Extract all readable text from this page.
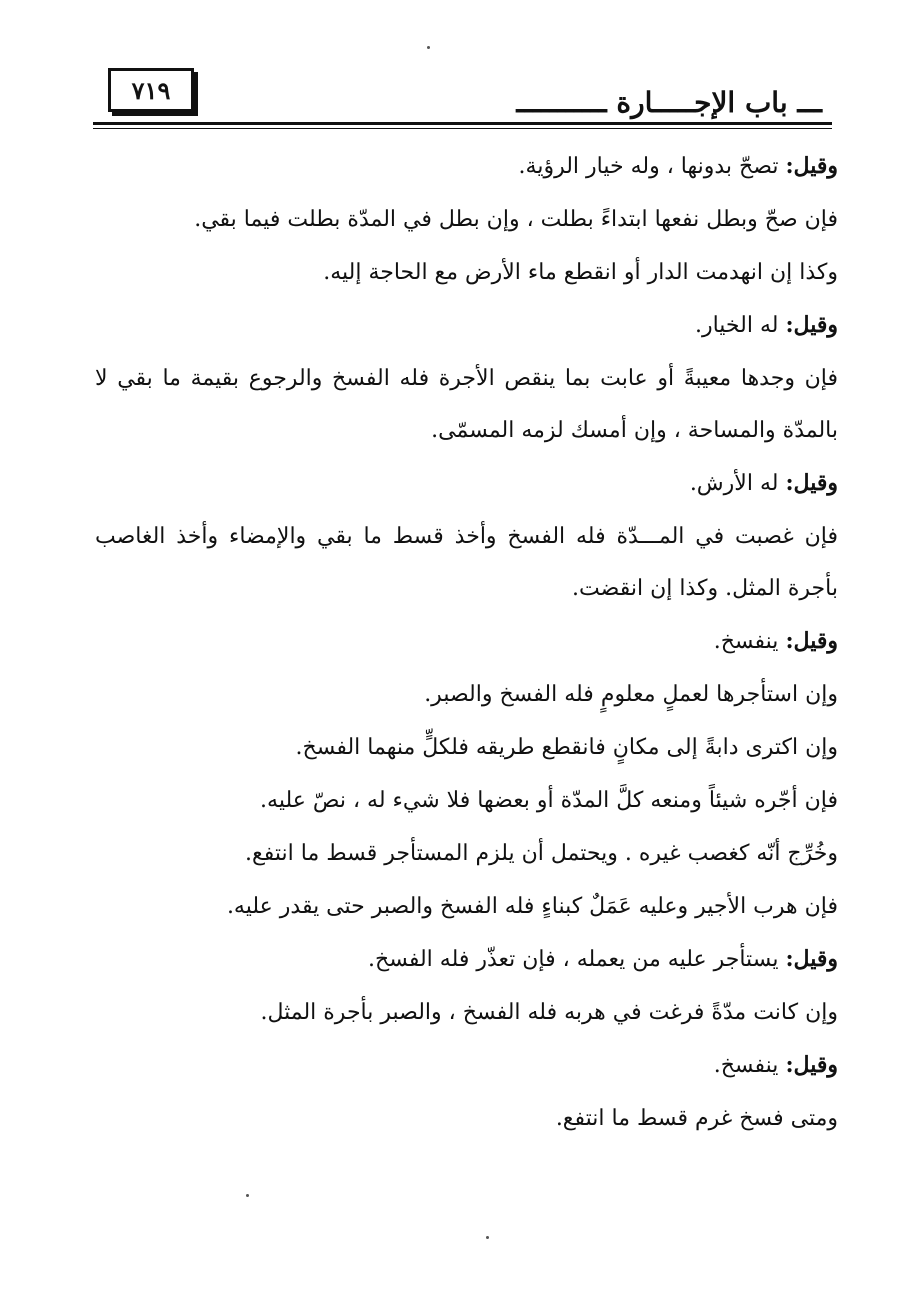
٧١٩	ـــ باب الإجـــــارة ـــــــــــ

وقيل: تصحّ بدونها ، وله خيار الرؤية.

فإن صحّ وبطل نفعها ابتداءً بطلت ، وإن بطل في المدّة بطلت فيما بقي.

وكذا إن انهدمت الدار أو انقطع ماء الأرض مع الحاجة إليه.

وقيل: له الخيار.

فإن وجدها معيبةً أو عابت بما ينقص الأجرة فله الفسخ والرجوع بقيمة ما بقي لا بالمدّة والمساحة ، وإن أمسك لزمه المسمّى.

وقيل: له الأرش.

فإن غصبت في المـــدّة فله الفسخ وأخذ قسط ما بقي والإمضاء وأخذ الغاصب بأجرة المثل. وكذا إن انقضت.

وقيل: ينفسخ.

وإن استأجرها لعملٍ معلومٍ فله الفسخ والصبر.

وإن اكترى دابةً إلى مكانٍ فانقطع طريقه فلكلٍّ منهما الفسخ.

فإن أجّره شيئاً ومنعه كلَّ المدّة أو بعضها فلا شيء له ، نصّ عليه.

وخُرِّج أنّه كغصب غيره . ويحتمل أن يلزم المستأجر قسط ما انتفع.

فإن هرب الأجير وعليه عَمَلٌ كبناءٍ فله الفسخ والصبر حتى يقدر عليه.

وقيل: يستأجر عليه من يعمله ، فإن تعذّر فله الفسخ.

وإن كانت مدّةً فرغت في هربه فله الفسخ ، والصبر بأجرة المثل.

وقيل: ينفسخ.

ومتى فسخ غرم قسط ما انتفع.
